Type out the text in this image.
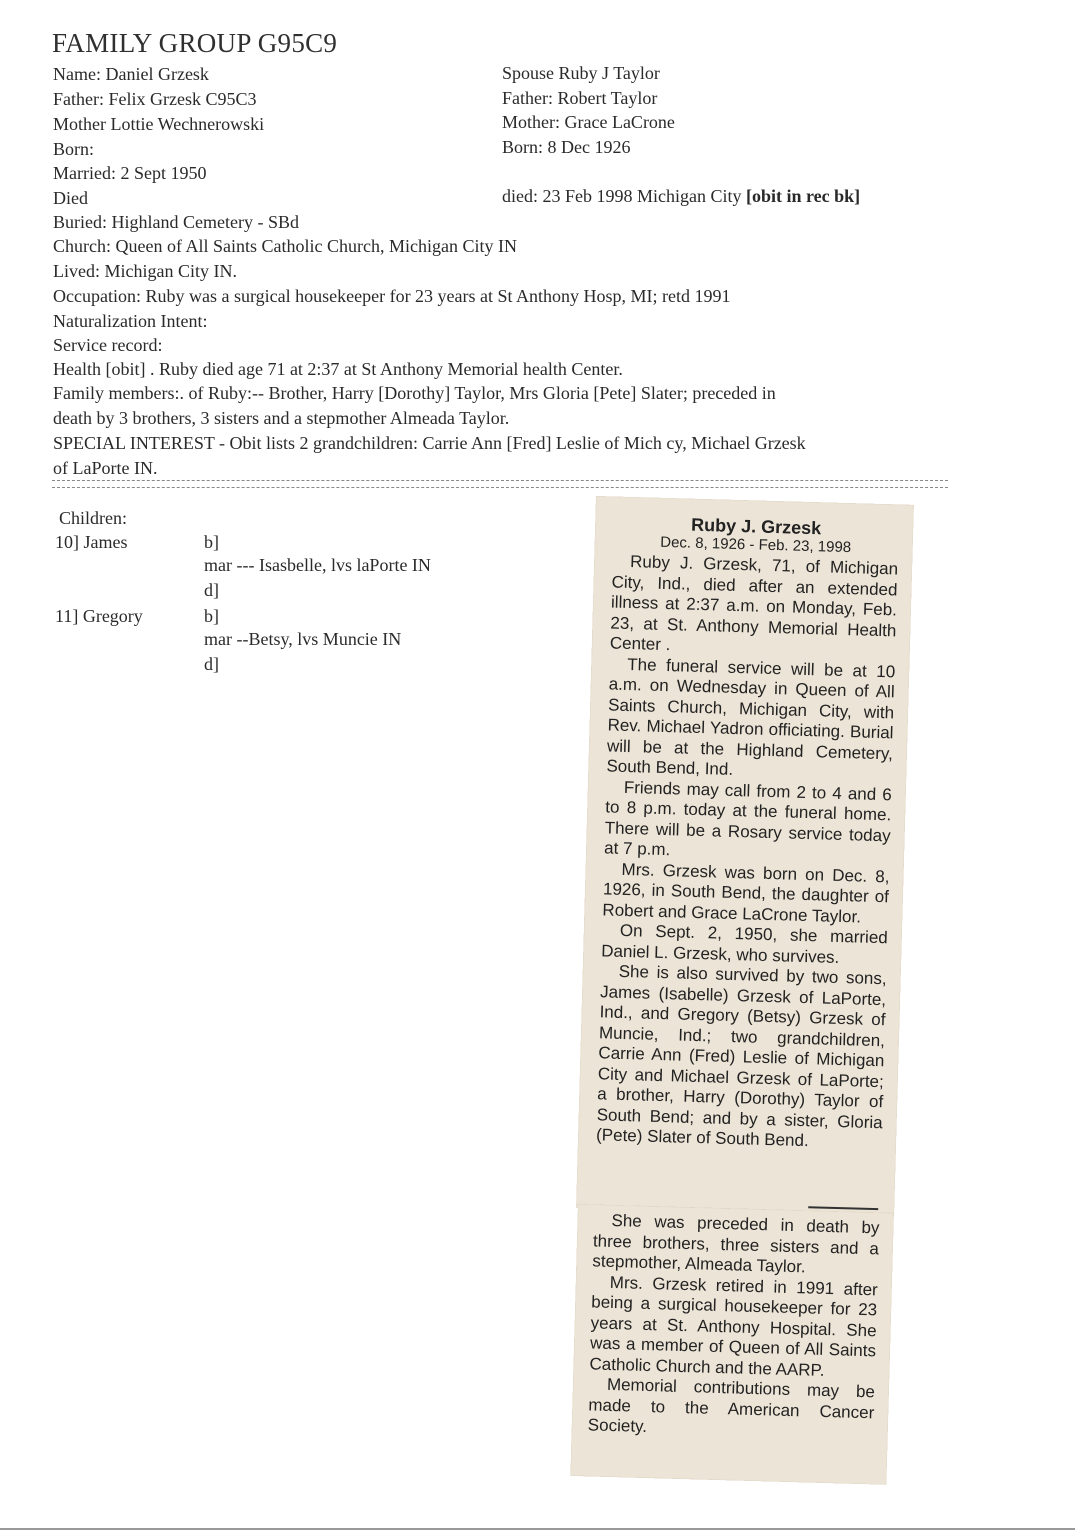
FAMILY GROUP G95C9
Name: Daniel Grzesk
Father: Felix Grzesk C95C3
Mother Lottie Wechnerowski
Born:
Married: 2 Sept 1950
Died
Spouse Ruby J Taylor
Father: Robert Taylor
Mother: Grace LaCrone
Born: 8 Dec 1926
died: 23 Feb 1998 Michigan City [obit in rec bk]
Buried: Highland Cemetery - SBd
Church: Queen of All Saints Catholic Church, Michigan City IN
Lived: Michigan City IN.
Occupation: Ruby was a surgical housekeeper for 23 years at St Anthony Hosp, MI; retd 1991
Naturalization Intent:
Service record:
Health [obit] . Ruby died age 71 at 2:37 at St Anthony Memorial health Center.
Family members:. of Ruby:-- Brother, Harry [Dorothy] Taylor, Mrs Gloria [Pete] Slater; preceded in
death by 3 brothers, 3 sisters and a stepmother Almeada Taylor.
SPECIAL INTEREST - Obit lists 2 grandchildren: Carrie Ann [Fred] Leslie of Mich cy, Michael Grzesk
of LaPorte IN.
Children:
10] James	b]
mar --- Isasbelle, lvs laPorte IN
d]
11] Gregory	b]
mar --Betsy, lvs Muncie IN
d]
Ruby J. Grzesk
Dec. 8, 1926 - Feb. 23, 1998

Ruby J. Grzesk, 71, of Michigan City, Ind., died after an extended illness at 2:37 a.m. on Monday, Feb. 23, at St. Anthony Memorial Health Center .

The funeral service will be at 10 a.m. on Wednesday in Queen of All Saints Church, Michigan City, with Rev. Michael Yadron officiating. Burial will be at the Highland Cemetery, South Bend, Ind.

Friends may call from 2 to 4 and 6 to 8 p.m. today at the funeral home. There will be a Rosary service today at 7 p.m.

Mrs. Grzesk was born on Dec. 8, 1926, in South Bend, the daughter of Robert and Grace LaCrone Taylor.

On Sept. 2, 1950, she married Daniel L. Grzesk, who survives.

She is also survived by two sons, James (Isabelle) Grzesk of LaPorte, Ind., and Gregory (Betsy) Grzesk of Muncie, Ind.; two grandchildren, Carrie Ann (Fred) Leslie of Michigan City and Michael Grzesk of LaPorte; a brother, Harry (Dorothy) Taylor of South Bend; and by a sister, Gloria (Pete) Slater of South Bend.

She was preceded in death by three brothers, three sisters and a stepmother, Almeada Taylor.

Mrs. Grzesk retired in 1991 after being a surgical housekeeper for 23 years at St. Anthony Hospital. She was a member of Queen of All Saints Catholic Church and the AARP.

Memorial contributions may be made to the American Cancer Society.
